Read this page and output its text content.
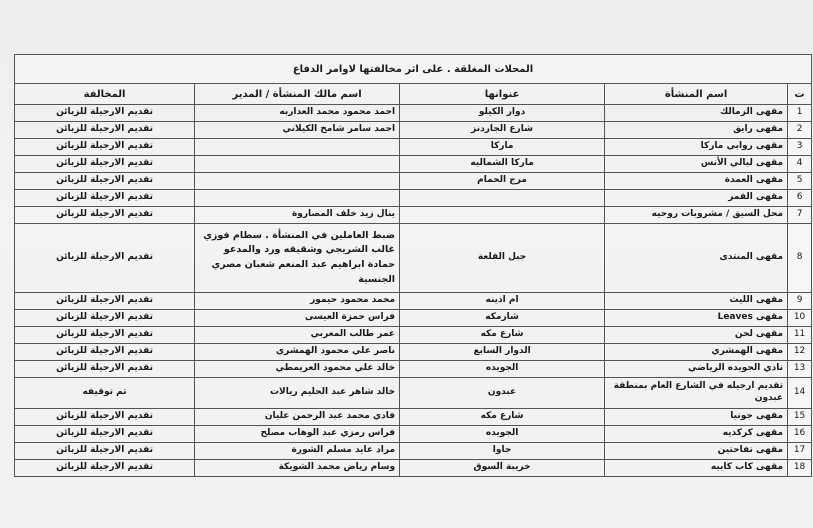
المحلات المغلقة . على اثر مخالفتها لاوامر الدفاع				
ت	اسم المنشأة	عنوانها	اسم مالك المنشأة / المدير	المخالفة
1	مقهى الزمالك	دوار الكيلو	احمد محمود محمد العداربه	تقديم الارجيلة للزبائن
2	مقهى رايق	شارع الجاردنز	احمد سامر شامخ الكيلاني	تقديم الارجيلة للزبائن
3	مقهى روابي ماركا	ماركا		تقديم الارجيلة للزبائن
4	مقهى ليالي الأنس	ماركا الشماليه		تقديم الارجيلة للزبائن
5	مقهى العمدة	مرج الحمام		تقديم الارجيلة للزبائن
6	مقهى القمر			تقديم الارجيلة للزبائن
7	محل السيق / مشروبات روحيه		ينال زيد خلف المصاروة	تقديم الارجيلة للزبائن
8	مقهى المنتدى	جبل القلعة	ضبط العاملين في المنشأة . سطام فوزي غالب الشريجي وشقيقه ورد والمدعو حمادة ابراهيم عبد المنعم شعبان مصري الجنسية	تقديم الارجيلة للزبائن
9	مقهى الليث	ام اذينه	محمد محمود حيمور	تقديم الارجيلة للزبائن
10	مقهى Leaves	شارمكه	فراس حمزة العيسى	تقديم الارجيلة للزبائن
11	مقهى لحن	شارع مكه	عمر طالب المغربي	تقديم الارجيلة للزبائن
12	مقهى الهمشري	الدوار السابع	ناصر علي محمود الهمشري	تقديم الارجيلة للزبائن
13	نادي الجويده الرياضي	الجويده	خالد علي محمود العريمطي	تقديم الارجيلة للزبائن
14	تقديم ارجيله في الشارع العام بمنطقة عبدون	عبدون	خالد شاهر عبد الحليم ريالات	تم توقيفه
15	مقهى جونيا	شارع مكه	فادي محمد عبد الرحمن عليان	تقديم الارجيلة للزبائن
16	مقهى كركديه	الجويده	فراس رمزي عبد الوهاب مصلح	تقديم الارجيلة للزبائن
17	مقهى تفاحتين	جاوا	مراد عايد مسلم الشورة	تقديم الارجيلة للزبائن
18	مقهى كاب كابيه	خريبة السوق	وسام رياض محمد الشويكة	تقديم الارجيلة للزبائن
